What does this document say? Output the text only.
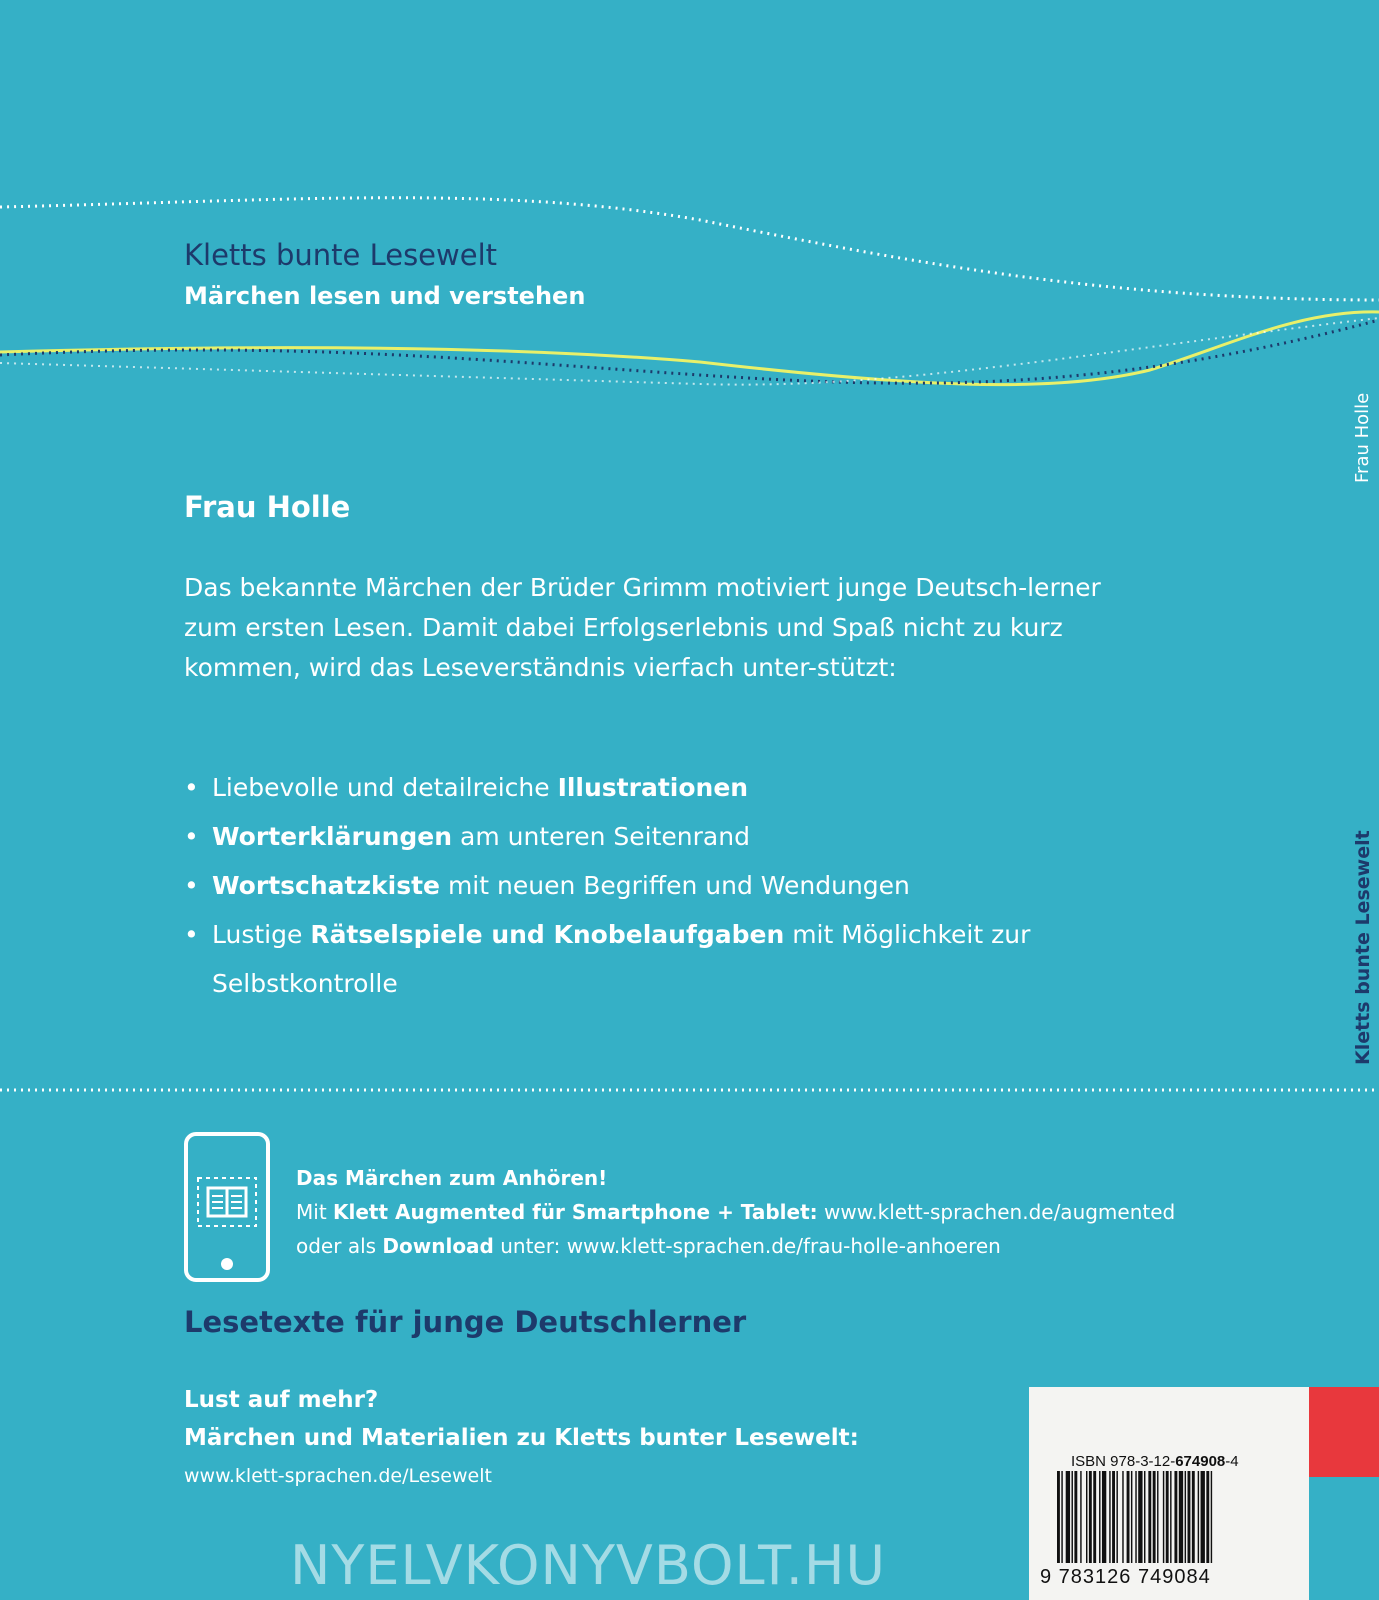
Kletts bunte Lesewelt
Märchen lesen und verstehen
Frau Holle
Das bekannte Märchen der Brüder Grimm motiviert junge Deutsch-lerner zum ersten Lesen. Damit dabei Erfolgserlebnis und Spaß nicht zu kurz kommen, wird das Leseverständnis vierfach unter-stützt:
• Liebevolle und detailreiche Illustrationen
• Worterklärungen am unteren Seitenrand
• Wortschatzkiste mit neuen Begriffen und Wendungen
• Lustige Rätselspiele und Knobelaufgaben mit Möglichkeit zur Selbstkontrolle
Das Märchen zum Anhören!
Mit Klett Augmented für Smartphone + Tablet: www.klett-sprachen.de/augmented
oder als Download unter: www.klett-sprachen.de/frau-holle-anhoeren
Lesetexte für junge Deutschlerner
Lust auf mehr?
Märchen und Materialien zu Kletts bunter Lesewelt:
www.klett-sprachen.de/Lesewelt
Frau Holle
Kletts bunte Lesewelt
ISBN 978-3-12-674908-4
9 783126 749084
NYELVKONYVBOLT.HU
